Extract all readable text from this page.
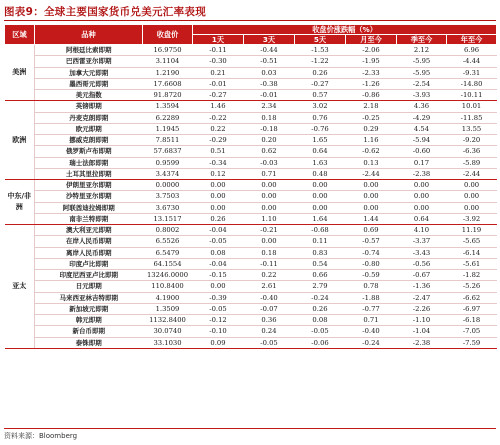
图表9：全球主要国家货币兑美元汇率表现
区域	品种	收盘价	收盘价涨跌幅（%）					
			1天	3天	5天	月至今	季至今	年至今
美洲	阿根廷比索即期	16.9750	-0.11	-0.44	-1.53	-2.06	2.12	6.96
	巴西雷亚尔即期	3.1104	-0.30	-0.51	-1.22	-1.95	-5.95	-4.44
	加拿大元即期	1.2190	0.21	0.03	0.26	-2.33	-5.95	-9.31
	墨西哥元即期	17.6608	-0.01	-0.38	-0.27	-1.26	-2.54	-14.80
	美元指数	91.8720	-0.27	-0.01	0.57	-0.86	-3.93	-10.11
欧洲	英镑即期	1.3594	1.46	2.34	3.02	2.18	4.36	10.01
	丹麦克朗即期	6.2289	-0.22	0.18	0.76	-0.25	-4.29	-11.85
	欧元即期	1.1945	0.22	-0.18	-0.76	0.29	4.54	13.55
	挪威克朗即期	7.8511	-0.29	0.20	1.65	1.16	-5.94	-9.20
	俄罗斯卢布即期	57.6837	0.51	0.62	0.64	-0.62	-0.60	-6.36
	瑞士法郎即期	0.9599	-0.34	-0.03	1.63	0.13	0.17	-5.89
	土耳其里拉即期	3.4374	0.12	0.71	0.48	-2.44	-2.38	-2.44
中东/非洲	伊朗里亚尔即期	0.0000	0.00	0.00	0.00	0.00	0.00	0.00
	沙特里亚尔即期	3.7503	0.00	0.00	0.00	0.00	0.00	0.00
	阿联酋迪拉姆即期	3.6730	0.00	0.00	0.00	0.00	0.00	0.00
	南非兰特即期	13.1517	0.26	1.10	1.64	1.44	0.64	-3.92
亚太	澳大利亚元即期	0.8002	-0.04	-0.21	-0.68	0.69	4.10	11.19
	在岸人民币即期	6.5526	-0.05	0.00	0.11	-0.57	-3.37	-5.65
	离岸人民币即期	6.5479	0.08	0.18	0.83	-0.74	-3.43	-6.14
	印度卢比即期	64.1554	-0.04	-0.11	0.54	-0.80	-0.56	-5.61
	印度尼西亚卢比即期	13246.0000	-0.15	0.22	0.66	-0.59	-0.67	-1.82
	日元即期	110.8400	0.00	2.61	2.79	0.78	-1.36	-5.26
	马来西亚林吉特即期	4.1900	-0.39	-0.40	-0.24	-1.88	-2.47	-6.62
	新加坡元即期	1.3509	-0.05	-0.07	0.26	-0.77	-2.26	-6.97
	韩元即期	1132.8400	-0.12	0.36	0.08	0.71	-1.10	-6.18
	新台币即期	30.0740	-0.10	0.24	-0.05	-0.40	-1.04	-7.05
	泰铢即期	33.1030	0.09	-0.05	-0.06	-0.24	-2.38	-7.59
资料来源：Bloomberg
